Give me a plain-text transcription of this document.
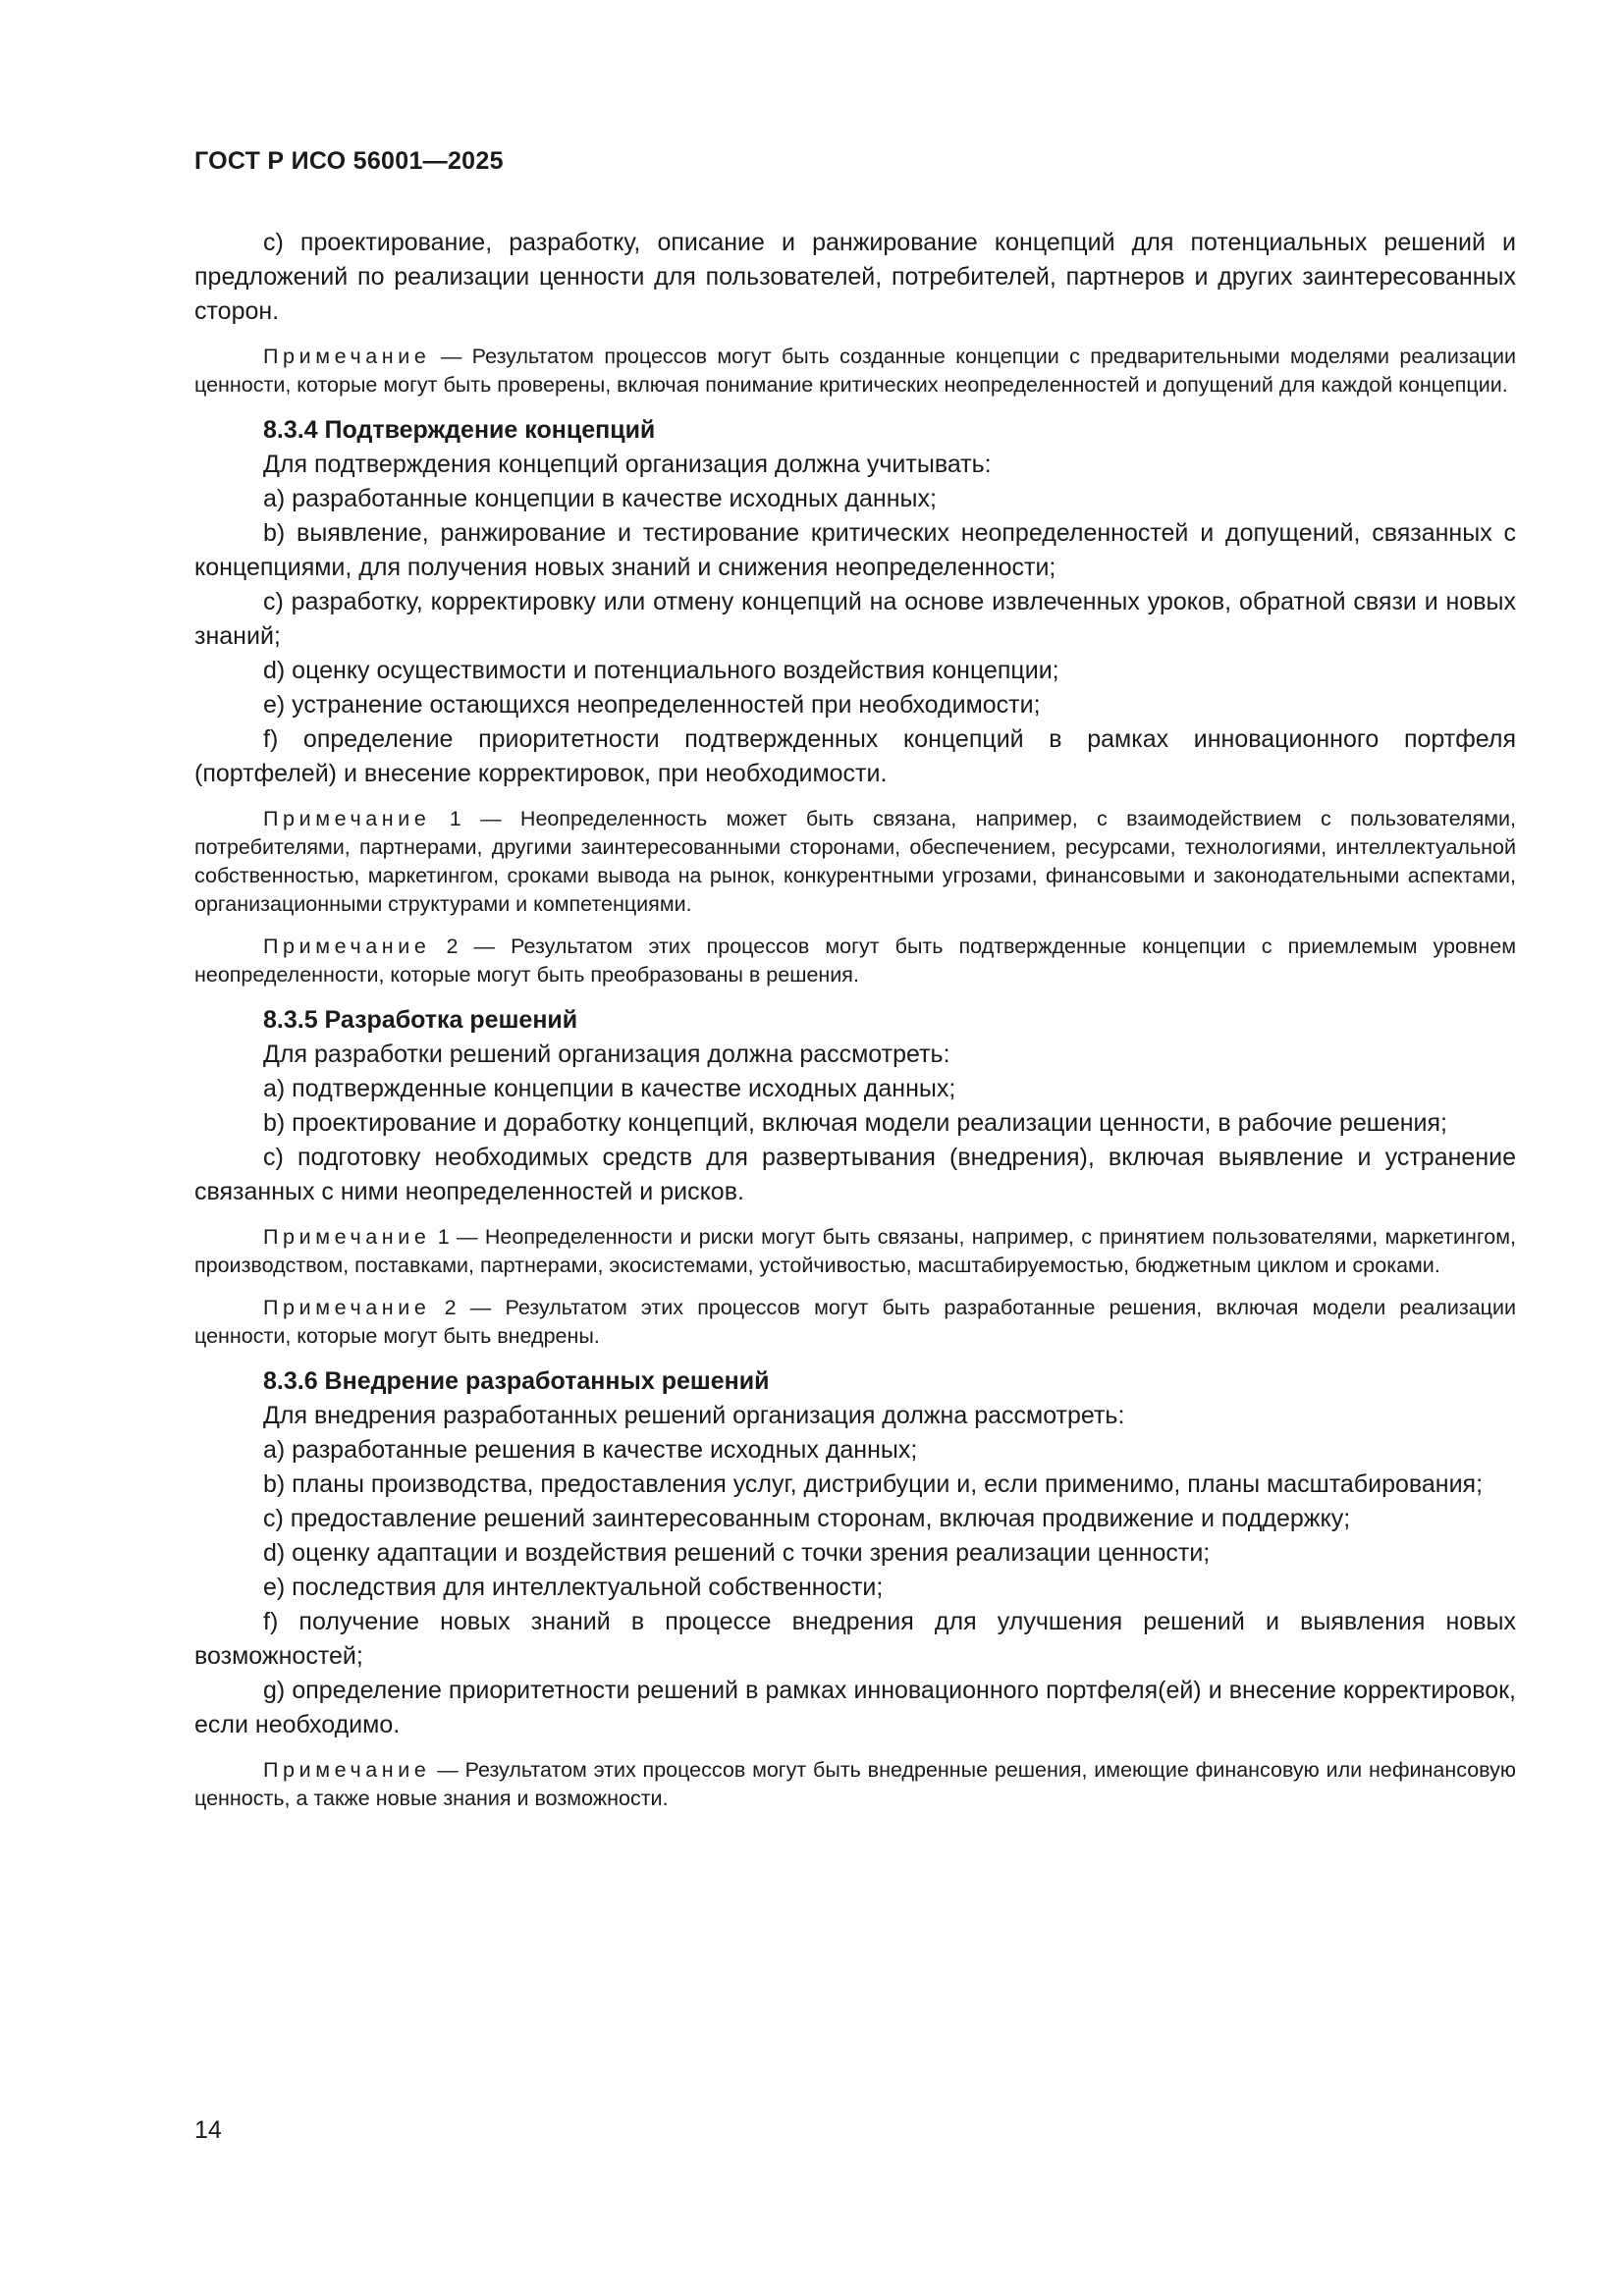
ГОСТ Р ИСО 56001—2025

c) проектирование, разработку, описание и ранжирование концепций для потенциальных решений и предложений по реализации ценности для пользователей, потребителей, партнеров и других заинтересованных сторон.

Примечание — Результатом процессов могут быть созданные концепции с предварительными моделями реализации ценности, которые могут быть проверены, включая понимание критических неопределенностей и допущений для каждой концепции.

8.3.4 Подтверждение концепций

Для подтверждения концепций организация должна учитывать:

a) разработанные концепции в качестве исходных данных;

b) выявление, ранжирование и тестирование критических неопределенностей и допущений, связанных с концепциями, для получения новых знаний и снижения неопределенности;

c) разработку, корректировку или отмену концепций на основе извлеченных уроков, обратной связи и новых знаний;

d) оценку осуществимости и потенциального воздействия концепции;

e) устранение остающихся неопределенностей при необходимости;

f) определение приоритетности подтвержденных концепций в рамках инновационного портфеля (портфелей) и внесение корректировок, при необходимости.

Примечание 1 — Неопределенность может быть связана, например, с взаимодействием с пользователями, потребителями, партнерами, другими заинтересованными сторонами, обеспечением, ресурсами, технологиями, интеллектуальной собственностью, маркетингом, сроками вывода на рынок, конкурентными угрозами, финансовыми и законодательными аспектами, организационными структурами и компетенциями.

Примечание 2 — Результатом этих процессов могут быть подтвержденные концепции с приемлемым уровнем неопределенности, которые могут быть преобразованы в решения.

8.3.5 Разработка решений

Для разработки решений организация должна рассмотреть:

a) подтвержденные концепции в качестве исходных данных;

b) проектирование и доработку концепций, включая модели реализации ценности, в рабочие решения;

c) подготовку необходимых средств для развертывания (внедрения), включая выявление и устранение связанных с ними неопределенностей и рисков.

Примечание 1 — Неопределенности и риски могут быть связаны, например, с принятием пользователями, маркетингом, производством, поставками, партнерами, экосистемами, устойчивостью, масштабируемостью, бюджетным циклом и сроками.

Примечание 2 — Результатом этих процессов могут быть разработанные решения, включая модели реализации ценности, которые могут быть внедрены.

8.3.6 Внедрение разработанных решений

Для внедрения разработанных решений организация должна рассмотреть:

a) разработанные решения в качестве исходных данных;

b) планы производства, предоставления услуг, дистрибуции и, если применимо, планы масштабирования;

c) предоставление решений заинтересованным сторонам, включая продвижение и поддержку;

d) оценку адаптации и воздействия решений с точки зрения реализации ценности;

e) последствия для интеллектуальной собственности;

f) получение новых знаний в процессе внедрения для улучшения решений и выявления новых возможностей;

g) определение приоритетности решений в рамках инновационного портфеля(ей) и внесение корректировок, если необходимо.

Примечание — Результатом этих процессов могут быть внедренные решения, имеющие финансовую или нефинансовую ценность, а также новые знания и возможности.

14
